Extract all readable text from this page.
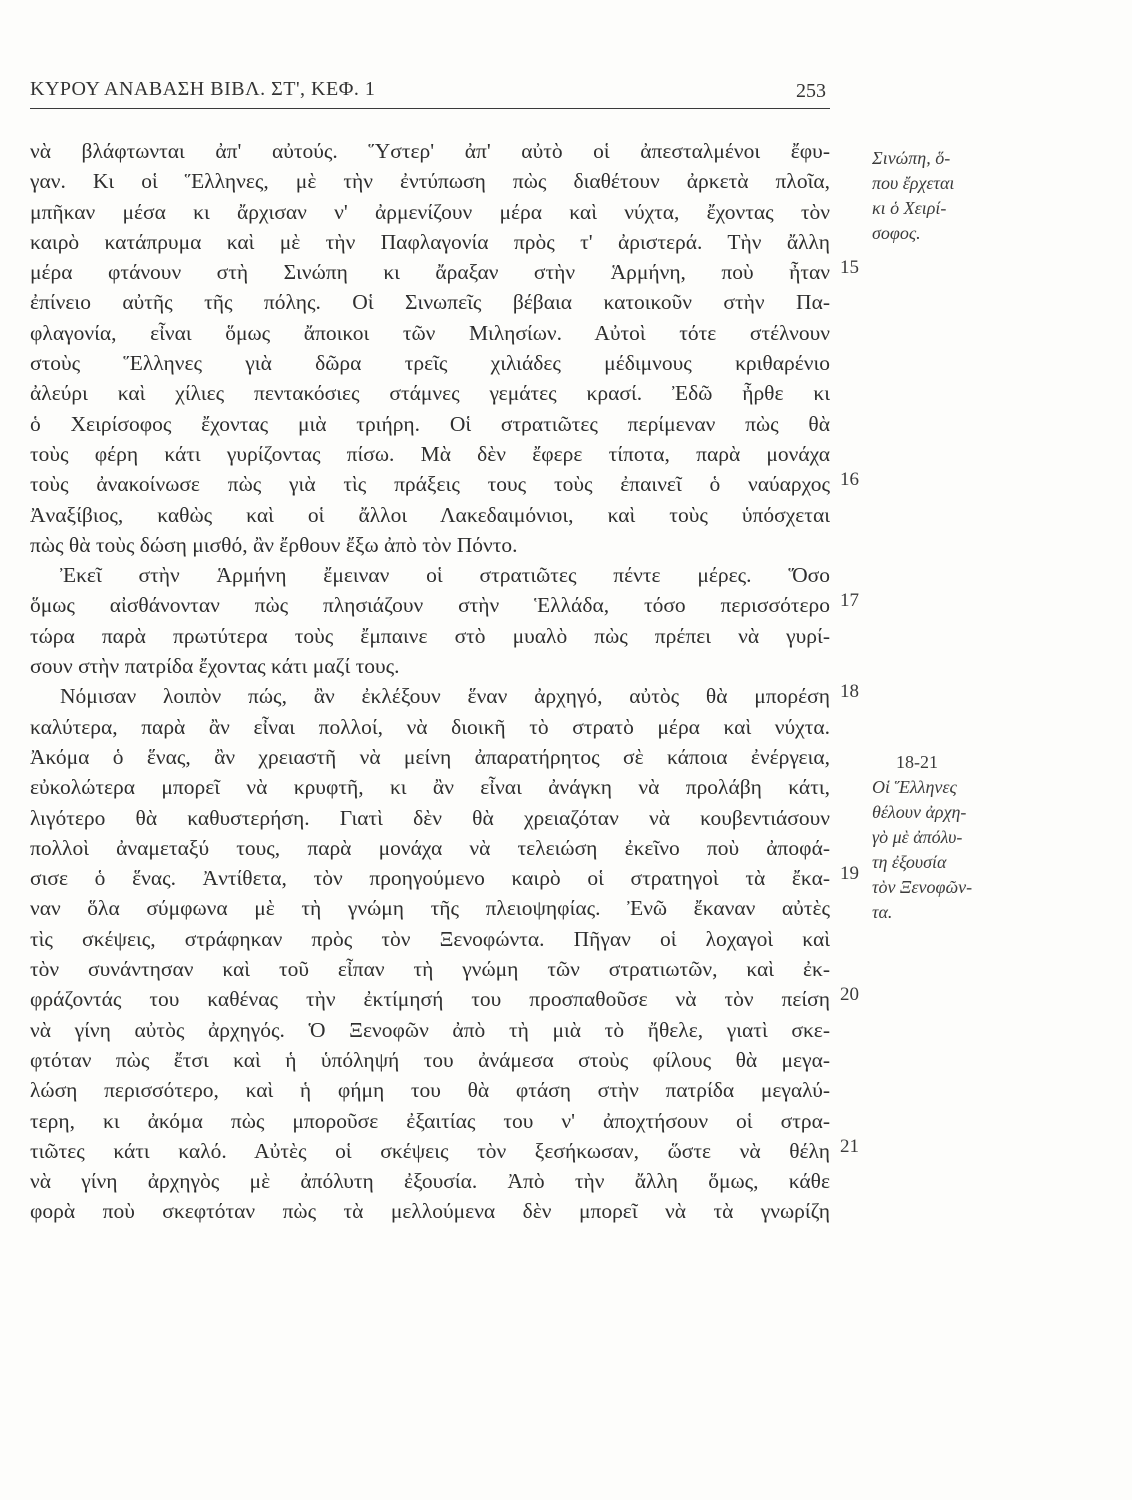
ΚΥΡΟΥ ΑΝΑΒΑΣΗ ΒΙΒΛ. ΣΤ', ΚΕΦ. 1	253
νὰ βλάφτωνται ἀπ' αὐτούς. Ὕστερ' ἀπ' αὐτὸ οἱ ἀπεσταλμένοι ἔφυ-
γαν. Κι οἱ Ἕλληνες, μὲ τὴν ἐντύπωση πὼς διαθέτουν ἀρκετὰ πλοῖα,
μπῆκαν μέσα κι ἄρχισαν ν' ἀρμενίζουν μέρα καὶ νύχτα, ἔχοντας τὸν
καιρὸ κατάπρυμα καὶ μὲ τὴν Παφλαγονία πρὸς τ' ἀριστερά. Τὴν ἄλλη
μέρα φτάνουν στὴ Σινώπη κι ἄραξαν στὴν Ἁρμήνη, ποὺ ἦταν
ἐπίνειο αὐτῆς τῆς πόλης. Οἱ Σινωπεῖς βέβαια κατοικοῦν στὴν Πα-
φλαγονία, εἶναι ὅμως ἄποικοι τῶν Μιλησίων. Αὐτοὶ τότε στέλνουν
στοὺς Ἕλληνες γιὰ δῶρα τρεῖς χιλιάδες μέδιμνους κριθαρένιο
ἀλεύρι καὶ χίλιες πεντακόσιες στάμνες γεμάτες κρασί. Ἐδῶ ἦρθε κι
ὁ Χειρίσοφος ἔχοντας μιὰ τριήρη. Οἱ στρατιῶτες περίμεναν πὼς θὰ
τοὺς φέρη κάτι γυρίζοντας πίσω. Μὰ δὲν ἔφερε τίποτα, παρὰ μονάχα
τοὺς ἀνακοίνωσε πὼς γιὰ τὶς πράξεις τους τοὺς ἐπαινεῖ ὁ ναύαρχος
Ἀναξίβιος, καθὼς καὶ οἱ ἄλλοι Λακεδαιμόνιοι, καὶ τοὺς ὑπόσχεται
πὼς θὰ τοὺς δώση μισθό, ἂν ἔρθουν ἔξω ἀπὸ τὸν Πόντο.
Ἐκεῖ στὴν Ἁρμήνη ἔμειναν οἱ στρατιῶτες πέντε μέρες. Ὅσο
ὅμως αἰσθάνονταν πὼς πλησιάζουν στὴν Ἑλλάδα, τόσο περισσότερο
τώρα παρὰ πρωτύτερα τοὺς ἔμπαινε στὸ μυαλὸ πὼς πρέπει νὰ γυρί-
σουν στὴν πατρίδα ἔχοντας κάτι μαζί τους.
Νόμισαν λοιπὸν πώς, ἂν ἐκλέξουν ἕναν ἀρχηγό, αὐτὸς θὰ μπορέση
καλύτερα, παρὰ ἂν εἶναι πολλοί, νὰ διοικῆ τὸ στρατὸ μέρα καὶ νύχτα.
Ἀκόμα ὁ ἕνας, ἂν χρειαστῆ νὰ μείνη ἀπαρατήρητος σὲ κάποια ἐνέργεια,
εὐκολώτερα μπορεῖ νὰ κρυφτῆ, κι ἂν εἶναι ἀνάγκη νὰ προλάβη κάτι,
λιγότερο θὰ καθυστερήση. Γιατὶ δὲν θὰ χρειαζόταν νὰ κουβεντιάσουν
πολλοὶ ἀναμεταξύ τους, παρὰ μονάχα νὰ τελειώση ἐκεῖνο ποὺ ἀποφά-
σισε ὁ ἕνας. Ἀντίθετα, τὸν προηγούμενο καιρὸ οἱ στρατηγοὶ τὰ ἔκα-
ναν ὅλα σύμφωνα μὲ τὴ γνώμη τῆς πλειοψηφίας. Ἐνῶ ἔκαναν αὐτὲς
τὶς σκέψεις, στράφηκαν πρὸς τὸν Ξενοφώντα. Πῆγαν οἱ λοχαγοὶ καὶ
τὸν συνάντησαν καὶ τοῦ εἶπαν τὴ γνώμη τῶν στρατιωτῶν, καὶ ἐκ-
φράζοντάς του καθένας τὴν ἐκτίμησή του προσπαθοῦσε νὰ τὸν πείση
νὰ γίνη αὐτὸς ἀρχηγός. Ὁ Ξενοφῶν ἀπὸ τὴ μιὰ τὸ ἤθελε, γιατὶ σκε-
φτόταν πὼς ἔτσι καὶ ἡ ὑπόληψή του ἀνάμεσα στοὺς φίλους θὰ μεγα-
λώση περισσότερο, καὶ ἡ φήμη του θὰ φτάση στὴν πατρίδα μεγαλύ-
τερη, κι ἀκόμα πὼς μποροῦσε ἐξαιτίας του ν' ἀποχτήσουν οἱ στρα-
τιῶτες κάτι καλό. Αὐτὲς οἱ σκέψεις τὸν ξεσήκωσαν, ὥστε νὰ θέλη
νὰ γίνη ἀρχηγὸς μὲ ἀπόλυτη ἐξουσία. Ἀπὸ τὴν ἄλλη ὅμως, κάθε
φορὰ ποὺ σκεφτόταν πὼς τὰ μελλούμενα δὲν μπορεῖ νὰ τὰ γνωρίζη
15
16
17
18
19
20
21
Σινώπη, ὅ-
που ἔρχεται
κι ὁ Χειρί-
σοφος.
18-21
Οἱ Ἕλληνες
θέλουν ἀρχη-
γὸ μὲ ἀπόλυ-
τη ἐξουσία
τὸν Ξενοφῶν-
τα.
